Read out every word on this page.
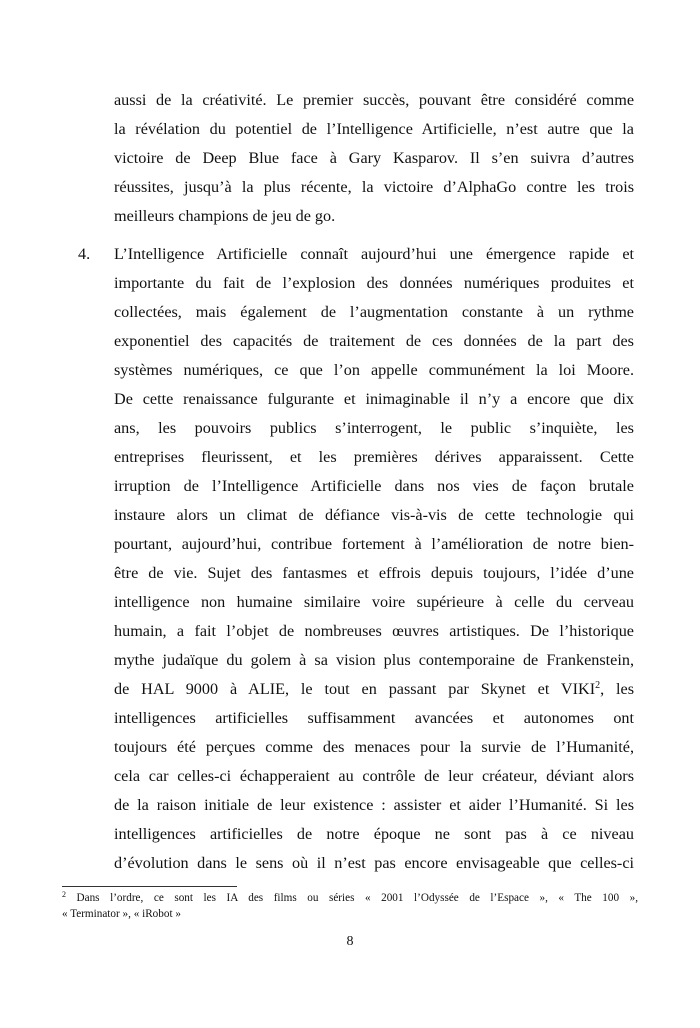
aussi de la créativité. Le premier succès, pouvant être considéré comme
la révélation du potentiel de l’Intelligence Artificielle, n’est autre que la
victoire de Deep Blue face à Gary Kasparov. Il s’en suivra d’autres
réussites, jusqu’à la plus récente, la victoire d’AlphaGo contre les trois
meilleurs champions de jeu de go.
4. L’Intelligence Artificielle connaît aujourd’hui une émergence rapide et
importante du fait de l’explosion des données numériques produites et
collectées, mais également de l’augmentation constante à un rythme
exponentiel des capacités de traitement de ces données de la part des
systèmes numériques, ce que l’on appelle communément la loi Moore.
De cette renaissance fulgurante et inimaginable il n’y a encore que dix
ans, les pouvoirs publics s’interrogent, le public s’inquiète, les
entreprises fleurissent, et les premières dérives apparaissent. Cette
irruption de l’Intelligence Artificielle dans nos vies de façon brutale
instaure alors un climat de défiance vis-à-vis de cette technologie qui
pourtant, aujourd’hui, contribue fortement à l’amélioration de notre bien-
être de vie. Sujet des fantasmes et effrois depuis toujours, l’idée d’une
intelligence non humaine similaire voire supérieure à celle du cerveau
humain, a fait l’objet de nombreuses œuvres artistiques. De l’historique
mythe judaïque du golem à sa vision plus contemporaine de Frankenstein,
de HAL 9000 à ALIE, le tout en passant par Skynet et VIKI$^2$, les
intelligences artificielles suffisamment avancées et autonomes ont
toujours été perçues comme des menaces pour la survie de l’Humanité,
cela car celles-ci échapperaient au contrôle de leur créateur, déviant alors
de la raison initiale de leur existence : assister et aider l’Humanité. Si les
intelligences artificielles de notre époque ne sont pas à ce niveau
d’évolution dans le sens où il n’est pas encore envisageable que celles-ci
$^2$ Dans l’ordre, ce sont les IA des films ou séries « 2001 l’Odyssée de l’Espace », « The 100 »,
« Terminator », « iRobot »
8
